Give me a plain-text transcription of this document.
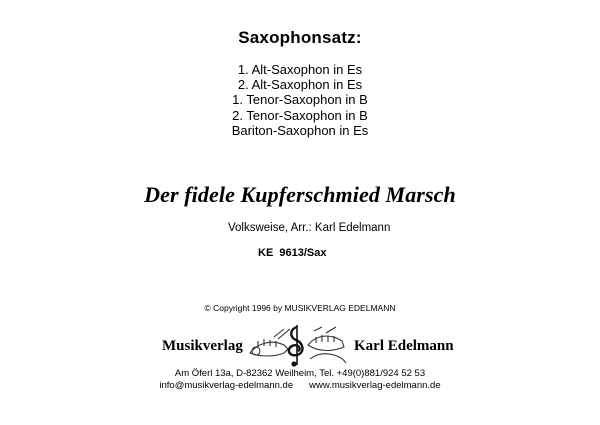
Saxophonsatz:
1. Alt-Saxophon in Es
2. Alt-Saxophon in Es
1. Tenor-Saxophon in B
2. Tenor-Saxophon in B
Bariton-Saxophon in Es
Der fidele Kupferschmied Marsch
Volksweise, Arr.: Karl Edelmann
KE  9613/Sax
© Copyright 1996 by MUSIKVERLAG EDELMANN
Musikverlag	Karl Edelmann
Am Öferl 13a, D-82362 Weilheim, Tel. +49(0)881/924 52 53
info@musikverlag-edelmann.de www.musikverlag-edelmann.de
